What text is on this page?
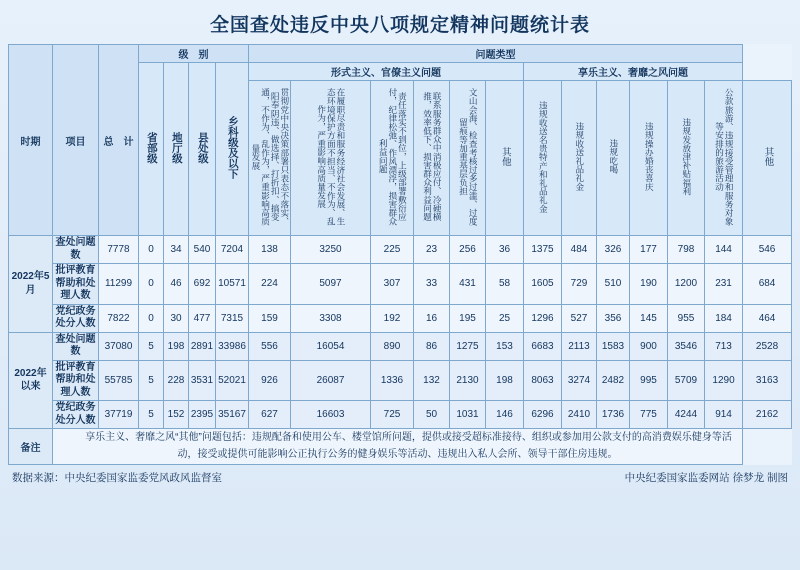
全国查处违反中央八项规定精神问题统计表
时期	项目	总　计	级　别				问题类型												
			省部级	地厅级	县处级	乡科级及以下	形式主义、官僚主义问题						享乐主义、奢靡之风问题						
							贯彻党中央决策部署只表态不落实、阳奉阴违、做选择、打折扣、搞变通，不作为、乱作为，严重影响高质量发展	在履职尽责和服务经济社会发展、生态环境保护方面不担当、不作为、乱作为，严重影响高质量发展	责任落实不到位，上级部署敷衍应付，纪律松弛、作风漂浮，损害群众利益问题	联系服务群众中消极应付、冷硬横推，效率低下、损害群众利益问题	文山会海、检查考核过多过滥、过度留痕等加重基层负担	其他	违规收送名贵特产和礼品礼金	违规收送礼品礼金	违规吃喝	违规操办婚丧喜庆	违规发放津补贴福利	公款旅游、违规接受管理和服务对象等安排的旅游活动	其他
2022年5月	查处问题数	7778	0	34	540	7204	138	3250	225	23	256	36	1375	484	326	177	798	144	546
	批评教育帮助和处理人数	11299	0	46	692	10571	224	5097	307	33	431	58	1605	729	510	190	1200	231	684
	党纪政务处分人数	7822	0	30	477	7315	159	3308	192	16	195	25	1296	527	356	145	955	184	464
2022年以来	查处问题数	37080	5	198	2891	33986	556	16054	890	86	1275	153	6683	2113	1583	900	3546	713	2528
	批评教育帮助和处理人数	55785	5	228	3531	52021	926	26087	1336	132	2130	198	8063	3274	2482	995	5709	1290	3163
	党纪政务处分人数	37719	5	152	2395	35167	627	16603	725	50	1031	146	6296	2410	1736	775	4244	914	2162
备注	享乐主义、奢靡之风“其他”问题包括：违规配备和使用公车、楼堂馆所问题，提供或接受超标准接待、组织或参加用公款支付的高消费娱乐健身等活动，接受或提供可能影响公正执行公务的健身娱乐等活动、违规出入私人会所、领导干部住房违规。																		
数据来源：中央纪委国家监委党风政风监督室	中央纪委国家监委网站 徐梦龙 制图
